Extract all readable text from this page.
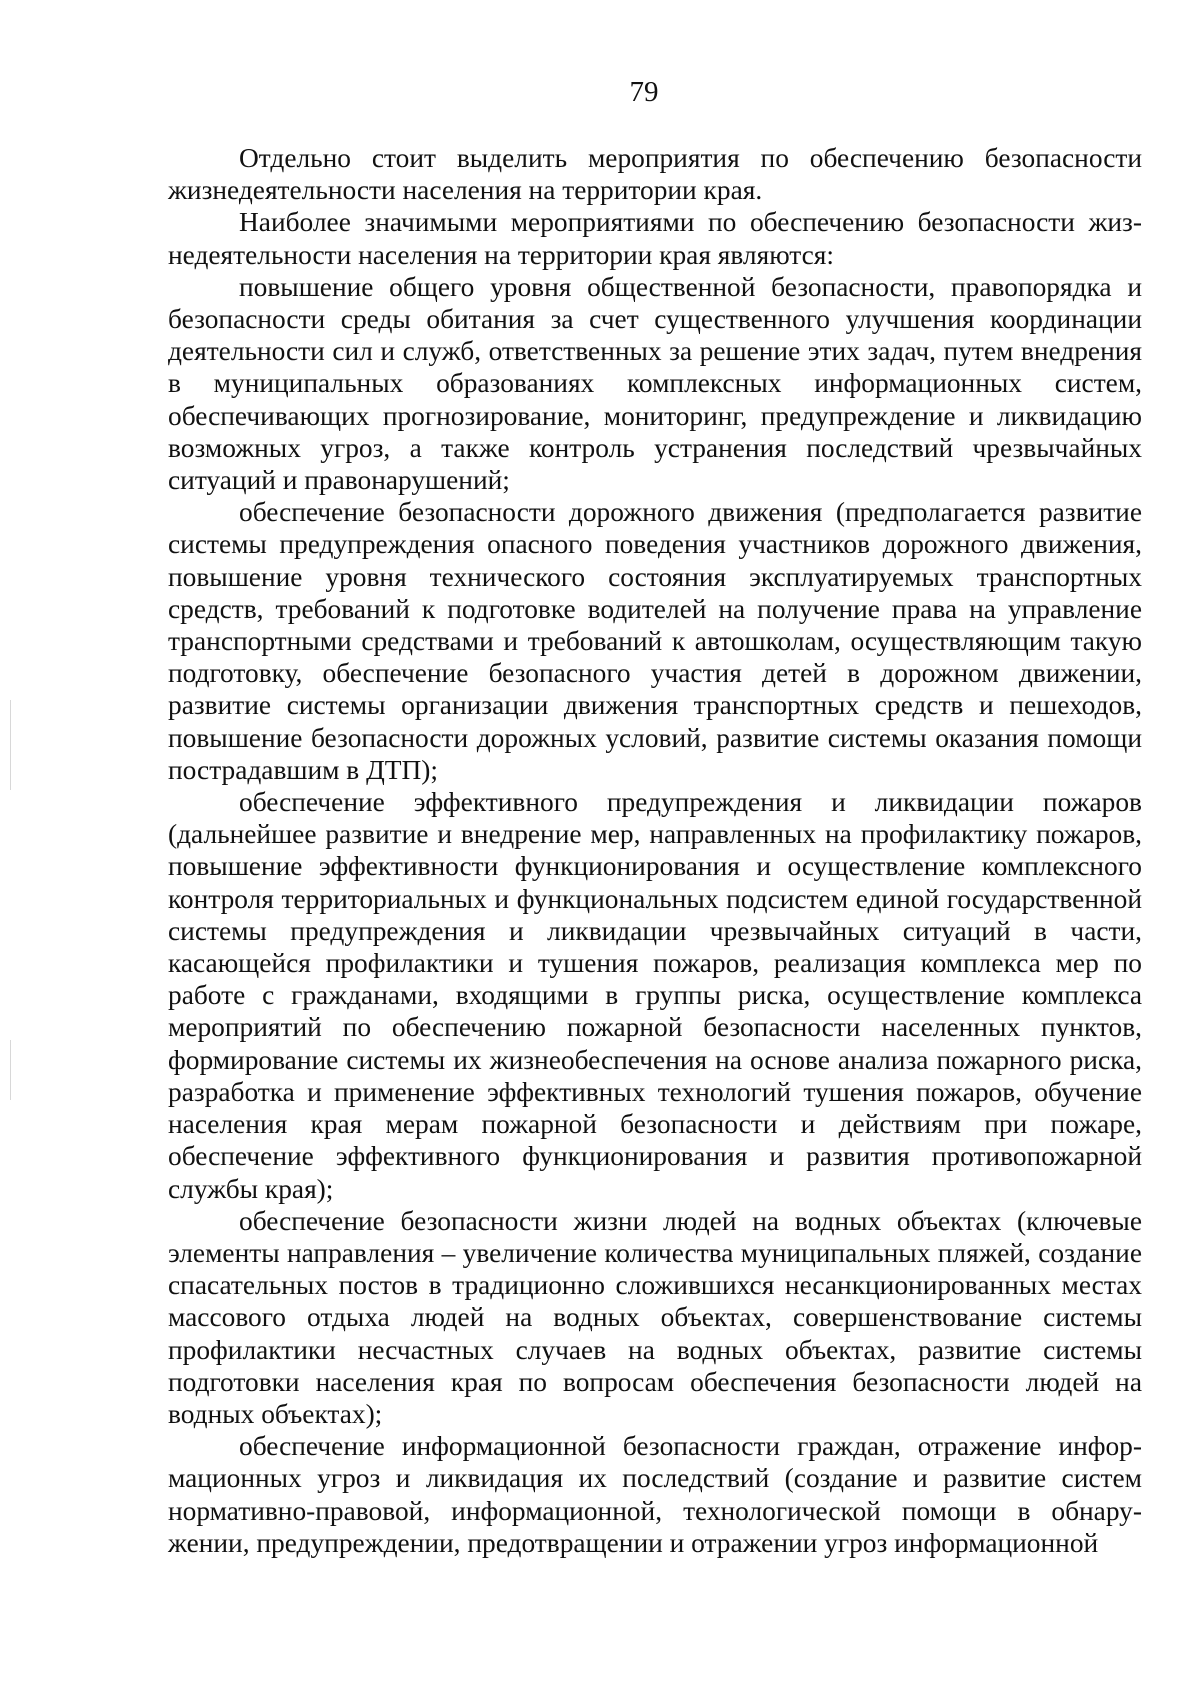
79

Отдельно стоит выделить мероприятия по обеспечению безопасности жизнедеятельности населения на территории края.

Наиболее значимыми мероприятиями по обеспечению безопасности жизнедеятельности населения на территории края являются:

повышение общего уровня общественной безопасности, правопорядка и безопасности среды обитания за счет существенного улучшения координации деятельности сил и служб, ответственных за решение этих задач, путем внедрения в муниципальных образованиях комплексных информационных систем, обеспечивающих прогнозирование, мониторинг, предупреждение и ликвидацию возможных угроз, а также контроль устранения последствий чрезвычайных ситуаций и правонарушений;

обеспечение безопасности дорожного движения (предполагается развитие системы предупреждения опасного поведения участников дорожного движения, повышение уровня технического состояния эксплуатируемых транспортных средств, требований к подготовке водителей на получение права на управление транспортными средствами и требований к автошколам, осуществляющим такую подготовку, обеспечение безопасного участия детей в дорожном движении, развитие системы организации движения транспортных средств и пешеходов, повышение безопасности дорожных условий, развитие системы оказания помощи пострадавшим в ДТП);

обеспечение эффективного предупреждения и ликвидации пожаров (дальнейшее развитие и внедрение мер, направленных на профилактику пожаров, повышение эффективности функционирования и осуществление комплексного контроля территориальных и функциональных подсистем единой государственной системы предупреждения и ликвидации чрезвычайных ситуаций в части, касающейся профилактики и тушения пожаров, реализация комплекса мер по работе с гражданами, входящими в группы риска, осуществление комплекса мероприятий по обеспечению пожарной безопасности населенных пунктов, формирование системы их жизнеобеспечения на основе анализа пожарного риска, разработка и применение эффективных технологий тушения пожаров, обучение населения края мерам пожарной безопасности и действиям при пожаре, обеспечение эффективного функционирования и развития противопожарной службы края);

обеспечение безопасности жизни людей на водных объектах (ключевые элементы направления – увеличение количества муниципальных пляжей, создание спасательных постов в традиционно сложившихся несанкционированных местах массового отдыха людей на водных объектах, совершенствование системы профилактики несчастных случаев на водных объектах, развитие системы подготовки населения края по вопросам обеспечения безопасности людей на водных объектах);

обеспечение информационной безопасности граждан, отражение информационных угроз и ликвидация их последствий (создание и развитие систем нормативно-правовой, информационной, технологической помощи в обнаружении, предупреждении, предотвращении и отражении угроз информационной
